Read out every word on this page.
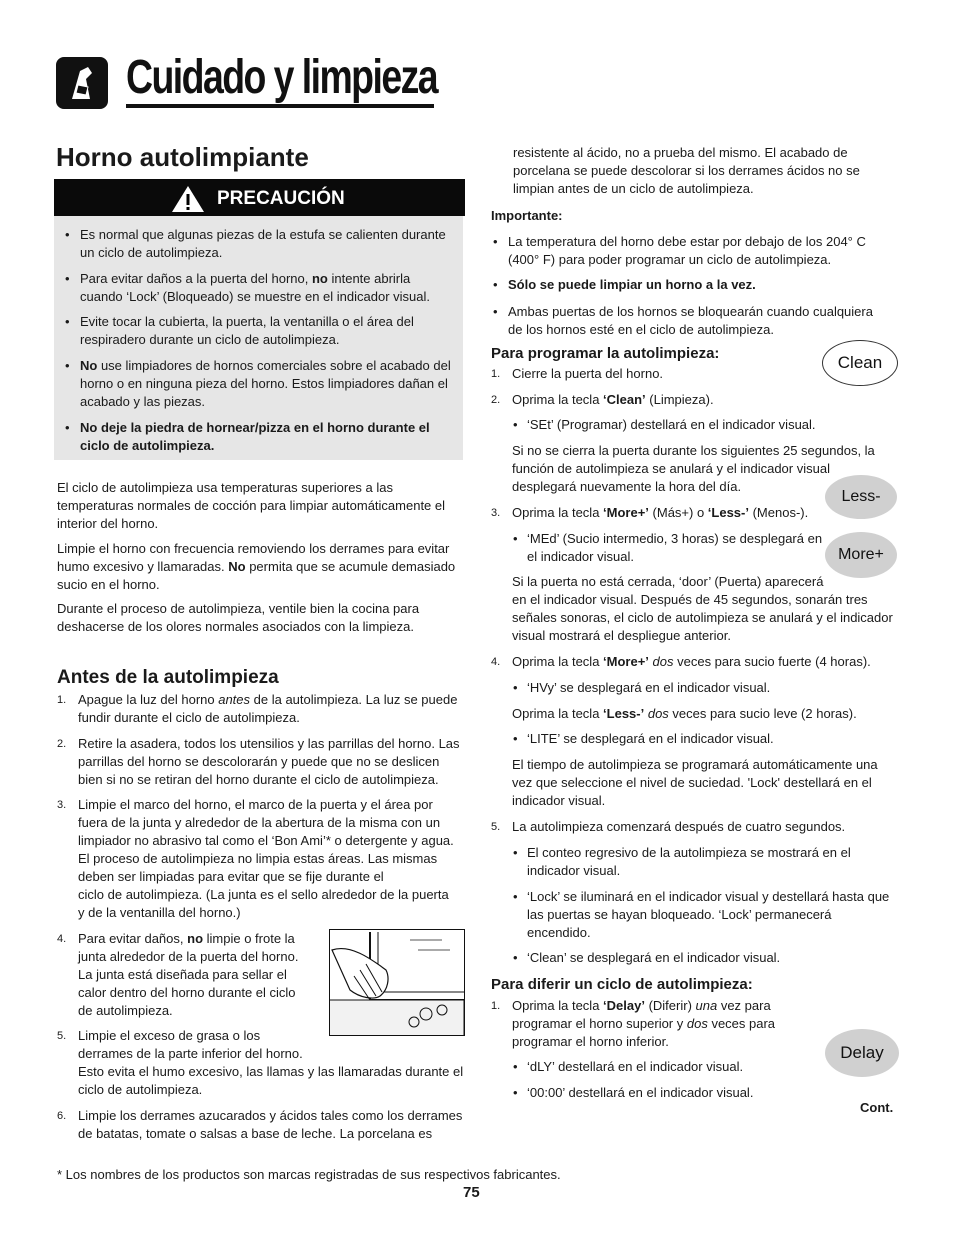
Cuidado y limpieza
Horno autolimpiante
PRECAUCIÓN
• Es normal que algunas piezas de la estufa se calienten durante
un ciclo de autolimpieza.
• Para evitar daños a la puerta del horno, no intente abrirla
cuando ‘Lock’ (Bloqueado) se muestre en el indicador visual.
• Evite tocar la cubierta, la puerta, la ventanilla o el área del
respiradero durante un ciclo de autolimpieza.
• No use limpiadores de hornos comerciales sobre el acabado del
horno o en ninguna pieza del horno. Estos limpiadores dañan el
acabado y las piezas.
• No deje la piedra de hornear/pizza en el horno durante el
ciclo de autolimpieza.
El ciclo de autolimpieza usa temperaturas superiores a las
temperaturas normales de cocción para limpiar automáticamente el
interior del horno.
Limpie el horno con frecuencia removiendo los derrames para evitar
humo excesivo y llamaradas. No permita que se acumule demasiado
sucio en el horno.
Durante el proceso de autolimpieza, ventile bien la cocina para
deshacerse de los olores normales asociados con la limpieza.
Antes de la autolimpieza
1. Apague la luz del horno antes de la autolimpieza. La luz se puede
fundir durante el ciclo de autolimpieza.
2. Retire la asadera, todos los utensilios y las parrillas del horno. Las
parrillas del horno se descolorarán y puede que no se deslicen
bien si no se retiran del horno durante el ciclo de autolimpieza.
3. Limpie el marco del horno, el marco de la puerta y el área por
fuera de la junta y alrededor de la abertura de la misma con un
limpiador no abrasivo tal como el ‘Bon Ami’* o detergente y agua.
El proceso de autolimpieza no limpia estas áreas. Las mismas
deben ser limpiadas para evitar que se fije durante el
ciclo de autolimpieza. (La junta es el sello alrededor de la puerta
y de la ventanilla del horno.)
4. Para evitar daños, no limpie o frote la
junta alrededor de la puerta del horno.
La junta está diseñada para sellar el
calor dentro del horno durante el ciclo
de autolimpieza.
5. Limpie el exceso de grasa o los
derrames de la parte inferior del horno.
Esto evita el humo excesivo, las llamas y las llamaradas durante el
ciclo de autolimpieza.
6. Limpie los derrames azucarados y ácidos tales como los derrames
de batatas, tomate o salsas a base de leche. La porcelana es
resistente al ácido, no a prueba del mismo. El acabado de
porcelana se puede descolorar si los derrames ácidos no se
limpian antes de un ciclo de autolimpieza.
Importante:
• La temperatura del horno debe estar por debajo de los 204° C
(400° F) para poder programar un ciclo de autolimpieza.
• Sólo se puede limpiar un horno a la vez.
• Ambas puertas de los hornos se bloquearán cuando cualquiera
de los hornos esté en el ciclo de autolimpieza.
Para programar la autolimpieza:
1. Cierre la puerta del horno.
2. Oprima la tecla ‘Clean’ (Limpieza).
• ‘SEt’ (Programar) destellará en el indicador visual.
Si no se cierra la puerta durante los siguientes 25 segundos, la
función de autolimpieza se anulará y el indicador visual
desplegará nuevamente la hora del día.
3. Oprima la tecla ‘More+’ (Más+) o ‘Less-’ (Menos-).
• ‘MEd’ (Sucio intermedio, 3 horas) se desplegará en
el indicador visual.
Si la puerta no está cerrada, ‘door’ (Puerta) aparecerá
en el indicador visual. Después de 45 segundos, sonarán tres
señales sonoras, el ciclo de autolimpieza se anulará y el indicador
visual mostrará el despliegue anterior.
4. Oprima la tecla ‘More+’ dos veces para sucio fuerte (4 horas).
• ‘HVy’ se desplegará en el indicador visual.
Oprima la tecla ‘Less-’ dos veces para sucio leve (2 horas).
• ‘LITE’ se desplegará en el indicador visual.
El tiempo de autolimpieza se programará automáticamente una
vez que seleccione el nivel de suciedad. 'Lock' destellará en el
indicador visual.
5. La autolimpieza comenzará después de cuatro segundos.
• El conteo regresivo de la autolimpieza se mostrará en el
indicador visual.
• ‘Lock’ se iluminará en el indicador visual y destellará hasta que
las puertas se hayan bloqueado. ‘Lock’ permanecerá
encendido.
• ‘Clean’ se desplegará en el indicador visual.
Para diferir un ciclo de autolimpieza:
1. Oprima la tecla ‘Delay’ (Diferir) una vez para
programar el horno superior y dos veces para
programar el horno inferior.
• ‘dLY’ destellará en el indicador visual.
• ‘00:00’ destellará en el indicador visual.
Cont.
Clean
Less-
More+
Delay
* Los nombres de los productos son marcas registradas de sus respectivos fabricantes.
75
